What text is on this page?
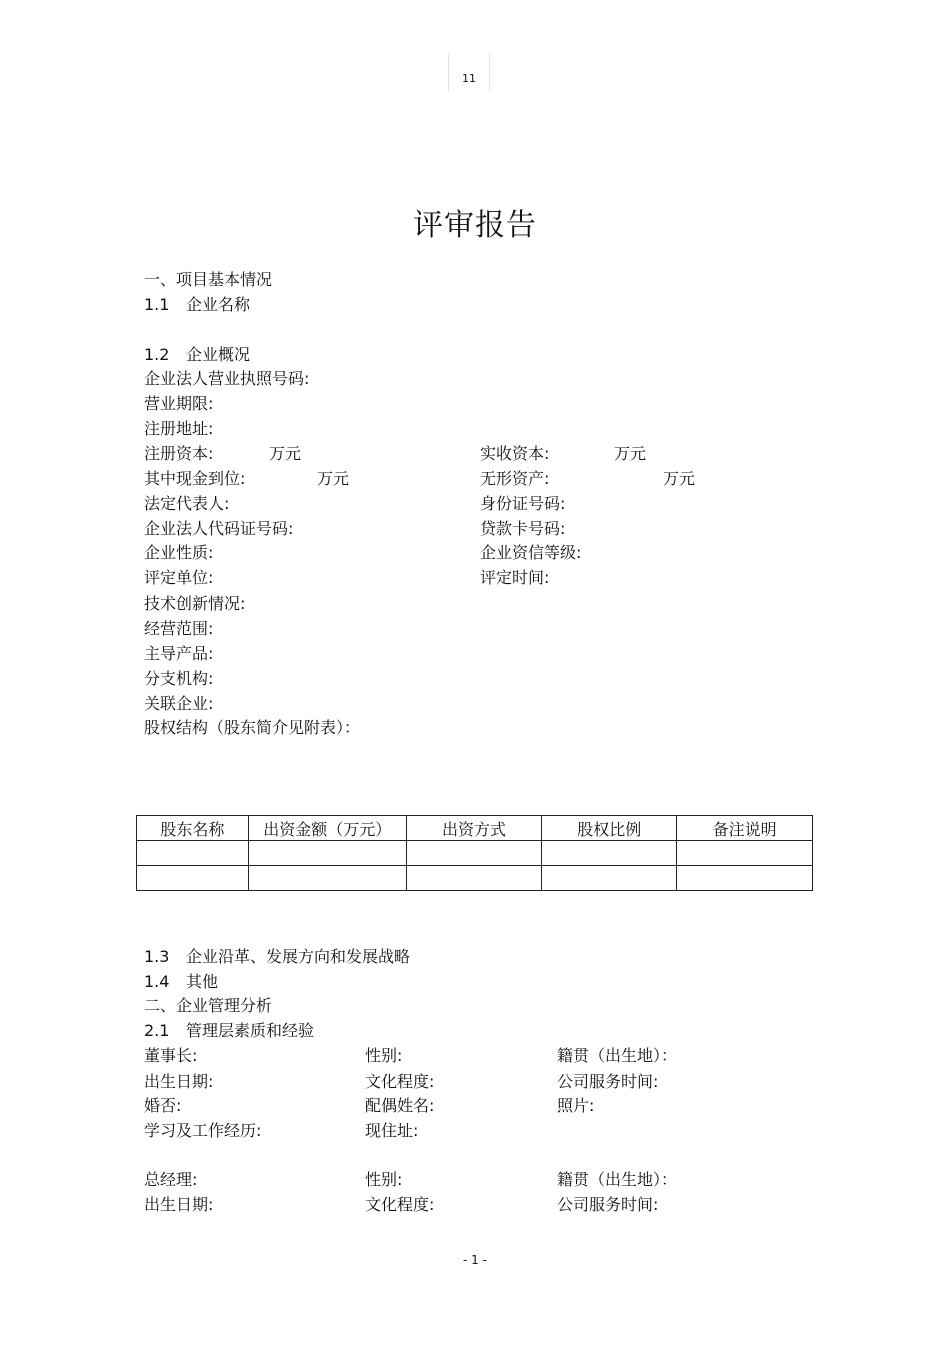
11
评审报告
一、项目基本情况
1.1 企业名称
1.2 企业概况
企业法人营业执照号码:
营业期限:
注册地址:
注册资本:	万元	实收资本:	万元
其中现金到位:	万元	无形资产:	万元
法定代表人:	身份证号码:
企业法人代码证号码:	贷款卡号码:
企业性质:	企业资信等级:
评定单位:	评定时间:
技术创新情况:
经营范围:
主导产品:
分支机构:
关联企业:
股权结构（股东简介见附表）：
股东名称	出资金额（万元）	出资方式	股权比例	备注说明

1.3 企业沿革、发展方向和发展战略
1.4 其他
二、企业管理分析
2.1 管理层素质和经验
董事长:	性别:	籍贯（出生地）：
出生日期:	文化程度:	公司服务时间:
婚否:	配偶姓名:	照片:
学习及工作经历:	现住址:
总经理:	性别:	籍贯（出生地）：
出生日期:	文化程度:	公司服务时间:
- 1 -
